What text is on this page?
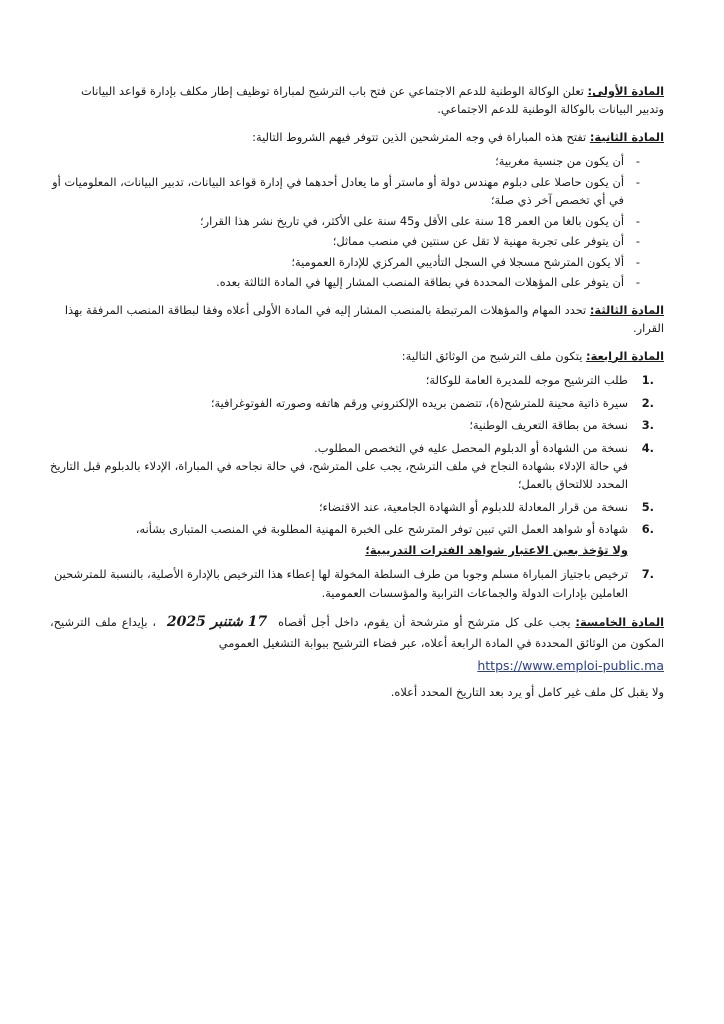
المادة الأولى: تعلن الوكالة الوطنية للدعم الاجتماعي عن فتح باب الترشيح لمباراة توظيف إطار مكلف بإدارة قواعد البيانات وتدبير البيانات بالوكالة الوطنية للدعم الاجتماعي.
المادة الثانية: تفتح هذه المباراة في وجه المترشحين الذين تتوفر فيهم الشروط التالية:
- أن يكون من جنسية مغربية؛
- أن يكون حاصلا على دبلوم مهندس دولة أو ماستر أو ما يعادل أحدهما في إدارة قواعد البيانات، تدبير البيانات، المعلوميات أو في أي تخصص آخر ذي صلة؛
- أن يكون بالغا من العمر 18 سنة على الأقل و45 سنة على الأكثر، في تاريخ نشر هذا القرار؛
- أن يتوفر على تجربة مهنية لا تقل عن سنتين في منصب مماثل؛
- ألا يكون المترشح مسجلا في السجل التأديبي المركزي للإدارة العمومية؛
- أن يتوفر على المؤهلات المحددة في بطاقة المنصب المشار إليها في المادة الثالثة بعده.
المادة الثالثة: تحدد المهام والمؤهلات المرتبطة بالمنصب المشار إليه في المادة الأولى أعلاه وفقا لبطاقة المنصب المرفقة بهذا القرار.
المادة الرابعة: يتكون ملف الترشيح من الوثائق التالية:
1.
طلب الترشيح موجه للمديرة العامة للوكالة؛
2.
سيرة ذاتية محينة للمترشح(ة)، تتضمن بريده الإلكتروني ورقم هاتفه وصورته الفوتوغرافية؛
3.
نسخة من بطاقة التعريف الوطنية؛
4.
نسخة من الشهادة أو الدبلوم المحصل عليه في التخصص المطلوب.

في حالة الإدلاء بشهادة النجاح في ملف الترشح، يجب على المترشح، في حالة نجاحه في المباراة، الإدلاء بالدبلوم قبل التاريخ المحدد للالتحاق بالعمل؛

5.
نسخة من قرار المعادلة للدبلوم أو الشهادة الجامعية، عند الاقتضاء؛
6.
شهادة أو شواهد العمل التي تبين توفر المترشح على الخبرة المهنية المطلوبة في المنصب المتبارى بشأنه،

ولا تؤخذ بعين الاعتبار شواهد الفترات التدريبية؛

7.
ترخيص باجتياز المباراة مسلم وجوبا من طرف السلطة المخولة لها إعطاء هذا الترخيص بالإدارة الأصلية، بالنسبة للمترشحين العاملين بإدارات الدولة والجماعات الترابية والمؤسسات العمومية.
المادة الخامسة: يجب على كل مترشح أو مترشحة أن يقوم، داخل أجل أقصاه 17 شتنبر 2025 ، بإيداع ملف الترشيح، المكون من الوثائق المحددة في المادة الرابعة أعلاه، عبر فضاء الترشيح ببوابة التشغيل العمومي
https://www.emploi-public.ma

ولا يقبل كل ملف غير كامل أو يرد بعد التاريخ المحدد أعلاه.
